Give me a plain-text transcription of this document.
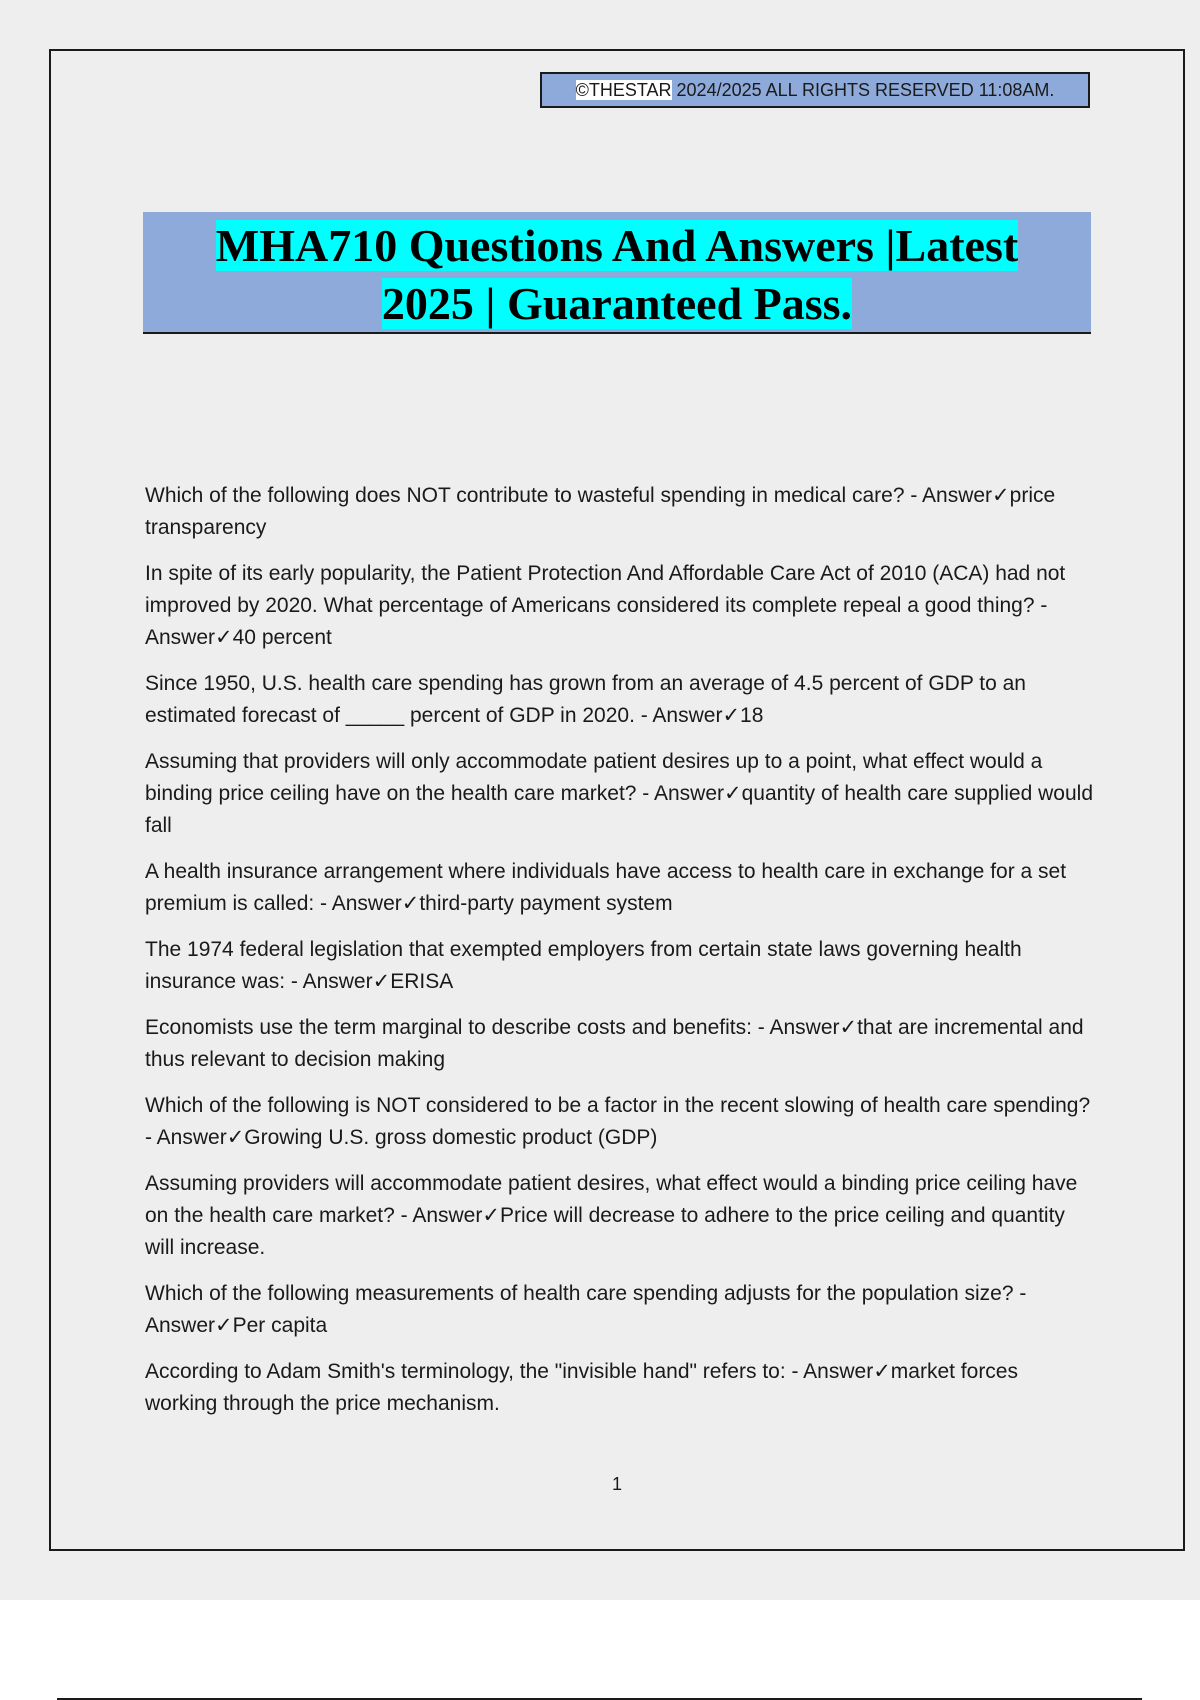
©THESTAR 2024/2025 ALL RIGHTS RESERVED 11:08AM.
MHA710 Questions And Answers |Latest
2025 | Guaranteed Pass.

Which of the following does NOT contribute to wasteful spending in medical care? - Answer✓price transparency

In spite of its early popularity, the Patient Protection And Affordable Care Act of 2010 (ACA) had not improved by 2020. What percentage of Americans considered its complete repeal a good thing? - Answer✓40 percent

Since 1950, U.S. health care spending has grown from an average of 4.5 percent of GDP to an estimated forecast of _____ percent of GDP in 2020. - Answer✓18

Assuming that providers will only accommodate patient desires up to a point, what effect would a binding price ceiling have on the health care market? - Answer✓quantity of health care supplied would fall

A health insurance arrangement where individuals have access to health care in exchange for a set premium is called: - Answer✓third-party payment system

The 1974 federal legislation that exempted employers from certain state laws governing health insurance was: - Answer✓ERISA

Economists use the term marginal to describe costs and benefits: - Answer✓that are incremental and thus relevant to decision making

Which of the following is NOT considered to be a factor in the recent slowing of health care spending? - Answer✓Growing U.S. gross domestic product (GDP)

Assuming providers will accommodate patient desires, what effect would a binding price ceiling have on the health care market? - Answer✓Price will decrease to adhere to the price ceiling and quantity will increase.

Which of the following measurements of health care spending adjusts for the population size? - Answer✓Per capita

According to Adam Smith's terminology, the "invisible hand" refers to: - Answer✓market forces working through the price mechanism.

1
